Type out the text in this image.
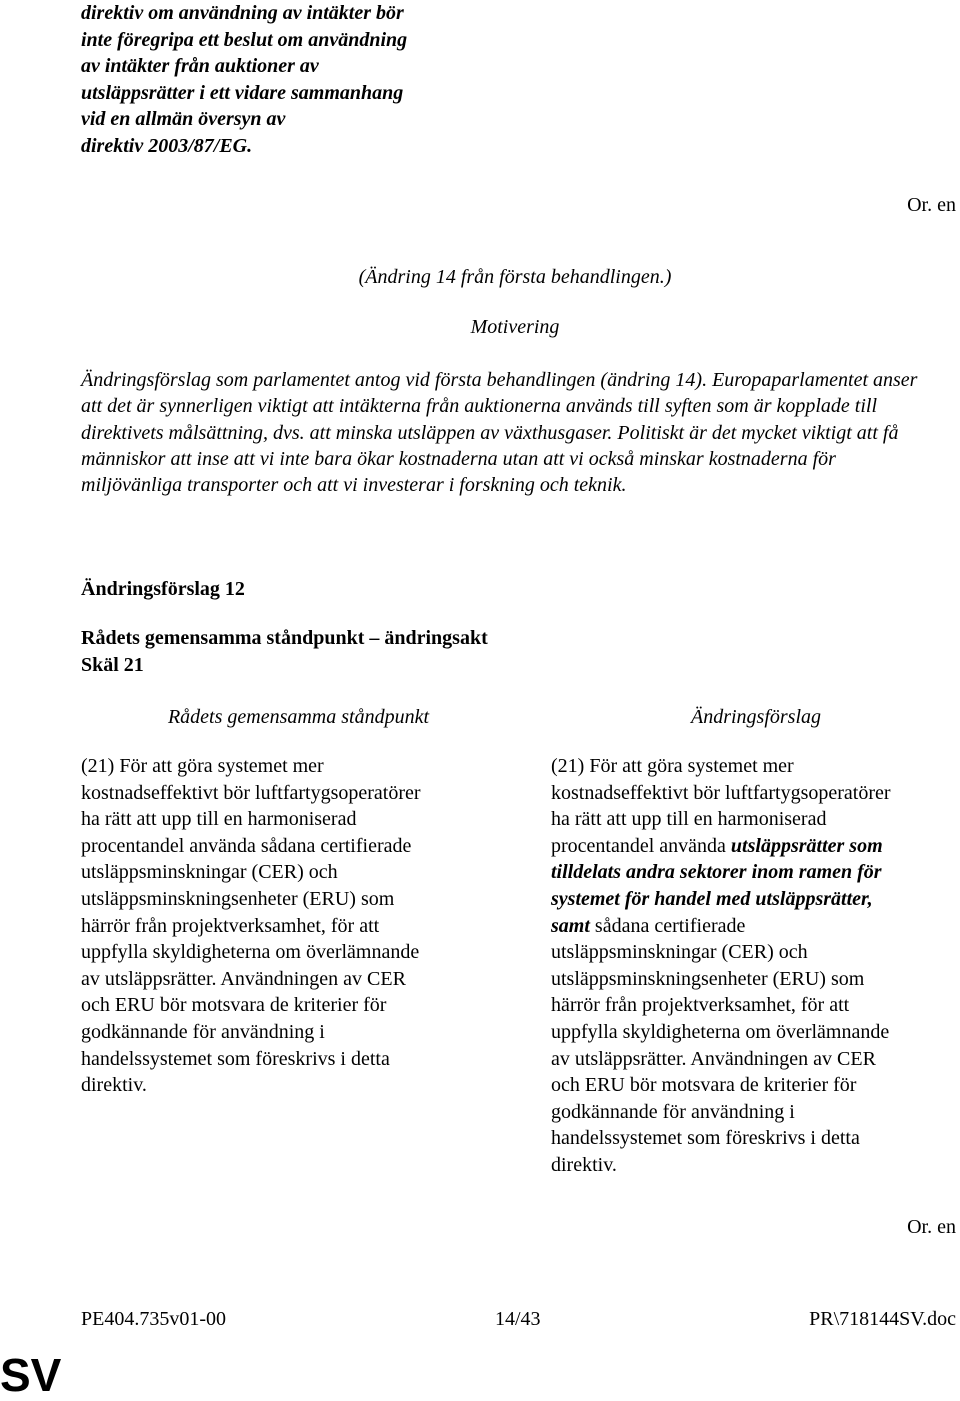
direktiv om användning av intäkter bör
inte föregripa ett beslut om användning
av intäkter från auktioner av
utsläppsrätter i ett vidare sammanhang
vid en allmän översyn av
direktiv 2003/87/EG.
Or. en
(Ändring 14 från första behandlingen.)
Motivering
Ändringsförslag som parlamentet antog vid första behandlingen (ändring 14). Europaparlamentet anser att det är synnerligen viktigt att intäkterna från auktionerna används till syften som är kopplade till direktivets målsättning, dvs. att minska utsläppen av växthusgaser. Politiskt är det mycket viktigt att få människor att inse att vi inte bara ökar kostnaderna utan att vi också minskar kostnaderna för miljövänliga transporter och att vi investerar i forskning och teknik.
Ändringsförslag 12
Rådets gemensamma ståndpunkt – ändringsakt
Skäl 21
Rådets gemensamma ståndpunkt	Ändringsförslag
(21) För att göra systemet mer
kostnadseffektivt bör luftfartygsoperatörer
ha rätt att upp till en harmoniserad
procentandel använda sådana certifierade
utsläppsminskningar (CER) och
utsläppsminskningsenheter (ERU) som
härrör från projektverksamhet, för att
uppfylla skyldigheterna om överlämnande
av utsläppsrätter. Användningen av CER
och ERU bör motsvara de kriterier för
godkännande för användning i
handelssystemet som föreskrivs i detta
direktiv.
(21) För att göra systemet mer
kostnadseffektivt bör luftfartygsoperatörer
ha rätt att upp till en harmoniserad
procentandel använda utsläppsrätter som
tilldelats andra sektorer inom ramen för
systemet för handel med utsläppsrätter,
samt sådana certifierade
utsläppsminskningar (CER) och
utsläppsminskningsenheter (ERU) som
härrör från projektverksamhet, för att
uppfylla skyldigheterna om överlämnande
av utsläppsrätter. Användningen av CER
och ERU bör motsvara de kriterier för
godkännande för användning i
handelssystemet som föreskrivs i detta
direktiv.
Or. en
PE404.735v01-00	14/43	PR\718144SV.doc
SV
